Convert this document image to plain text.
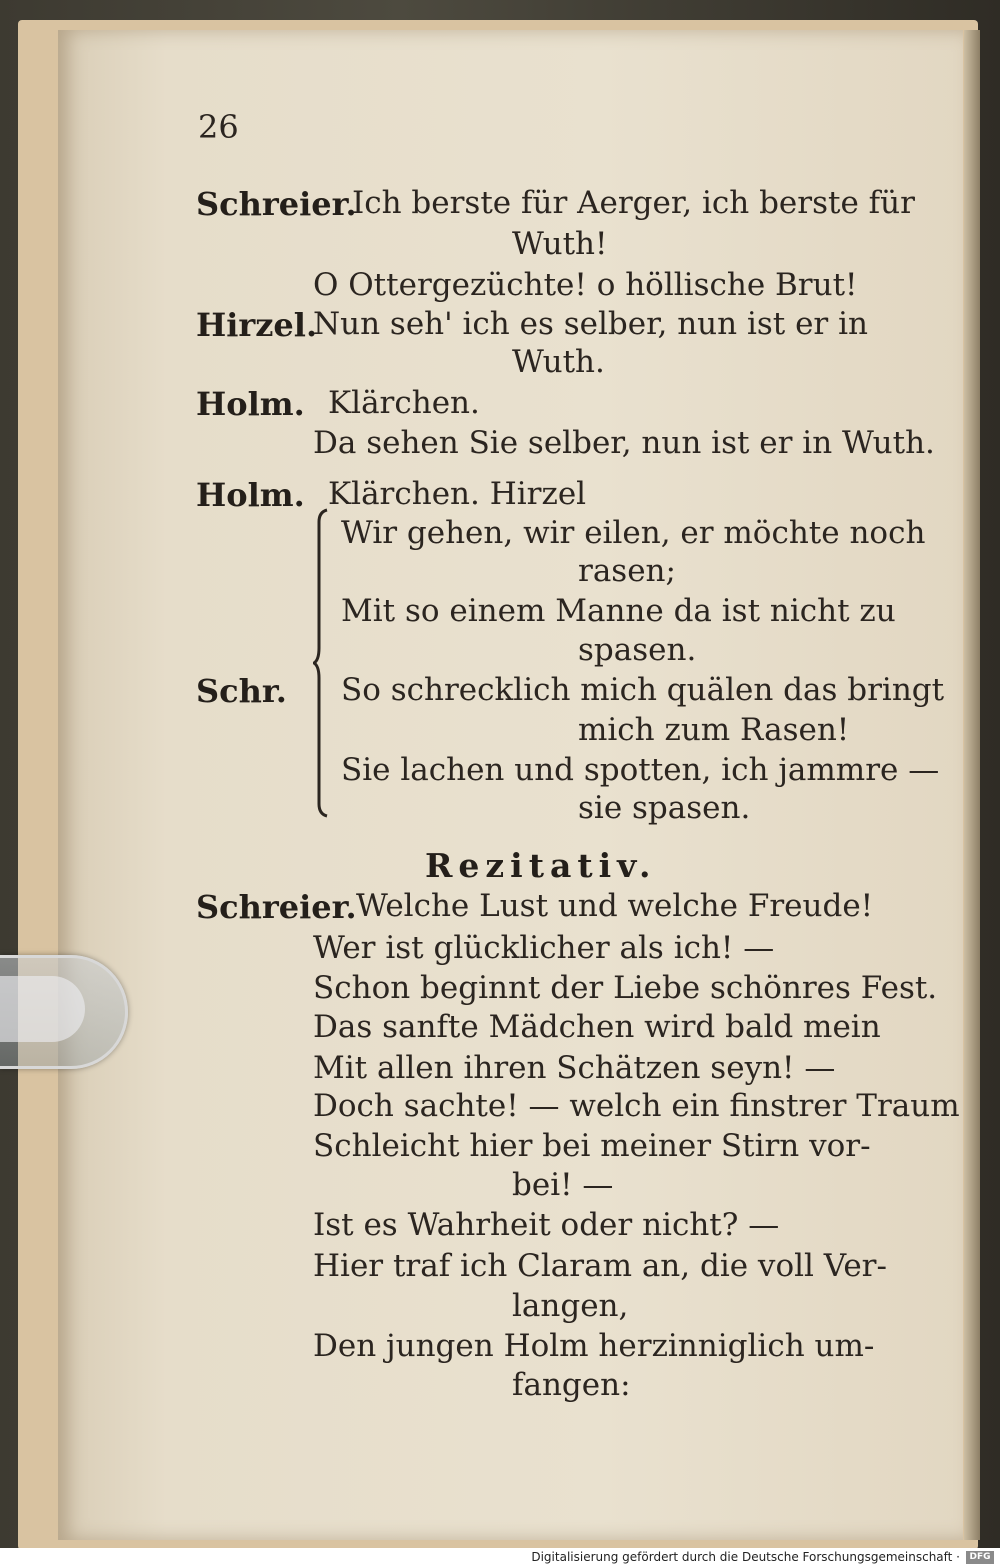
26
Schreier.
Ich berste für Aerger, ich berste für
Wuth!
O Ottergezüchte! o höllische Brut!
Hirzel.
Nun seh' ich es selber, nun ist er in
Wuth.
Holm. Klärchen.
Da sehen Sie selber, nun ist er in Wuth.
Holm. Klärchen. Hirzel
Wir gehen, wir eilen, er möchte noch
rasen;
Mit so einem Manne da ist nicht zu
spasen.
Schr. So schrecklich mich quälen das bringt
mich zum Rasen!
Sie lachen und spotten, ich jammre —
sie spasen.
Rezitativ.
Schreier. Welche Lust und welche Freude!
Wer ist glücklicher als ich! —
Schon beginnt der Liebe schönres Fest.
Das sanfte Mädchen wird bald mein
Mit allen ihren Schätzen seyn! —
Doch sachte! — welch ein finstrer Traum
Schleicht hier bei meiner Stirn vor-
bei! —
Ist es Wahrheit oder nicht? —
Hier traf ich Claram an, die voll Ver-
langen,
Den jungen Holm herzinniglich um-
fangen:
Digitalisierung gefördert durch die Deutsche Forschungsgemeinschaft ·	DFG
